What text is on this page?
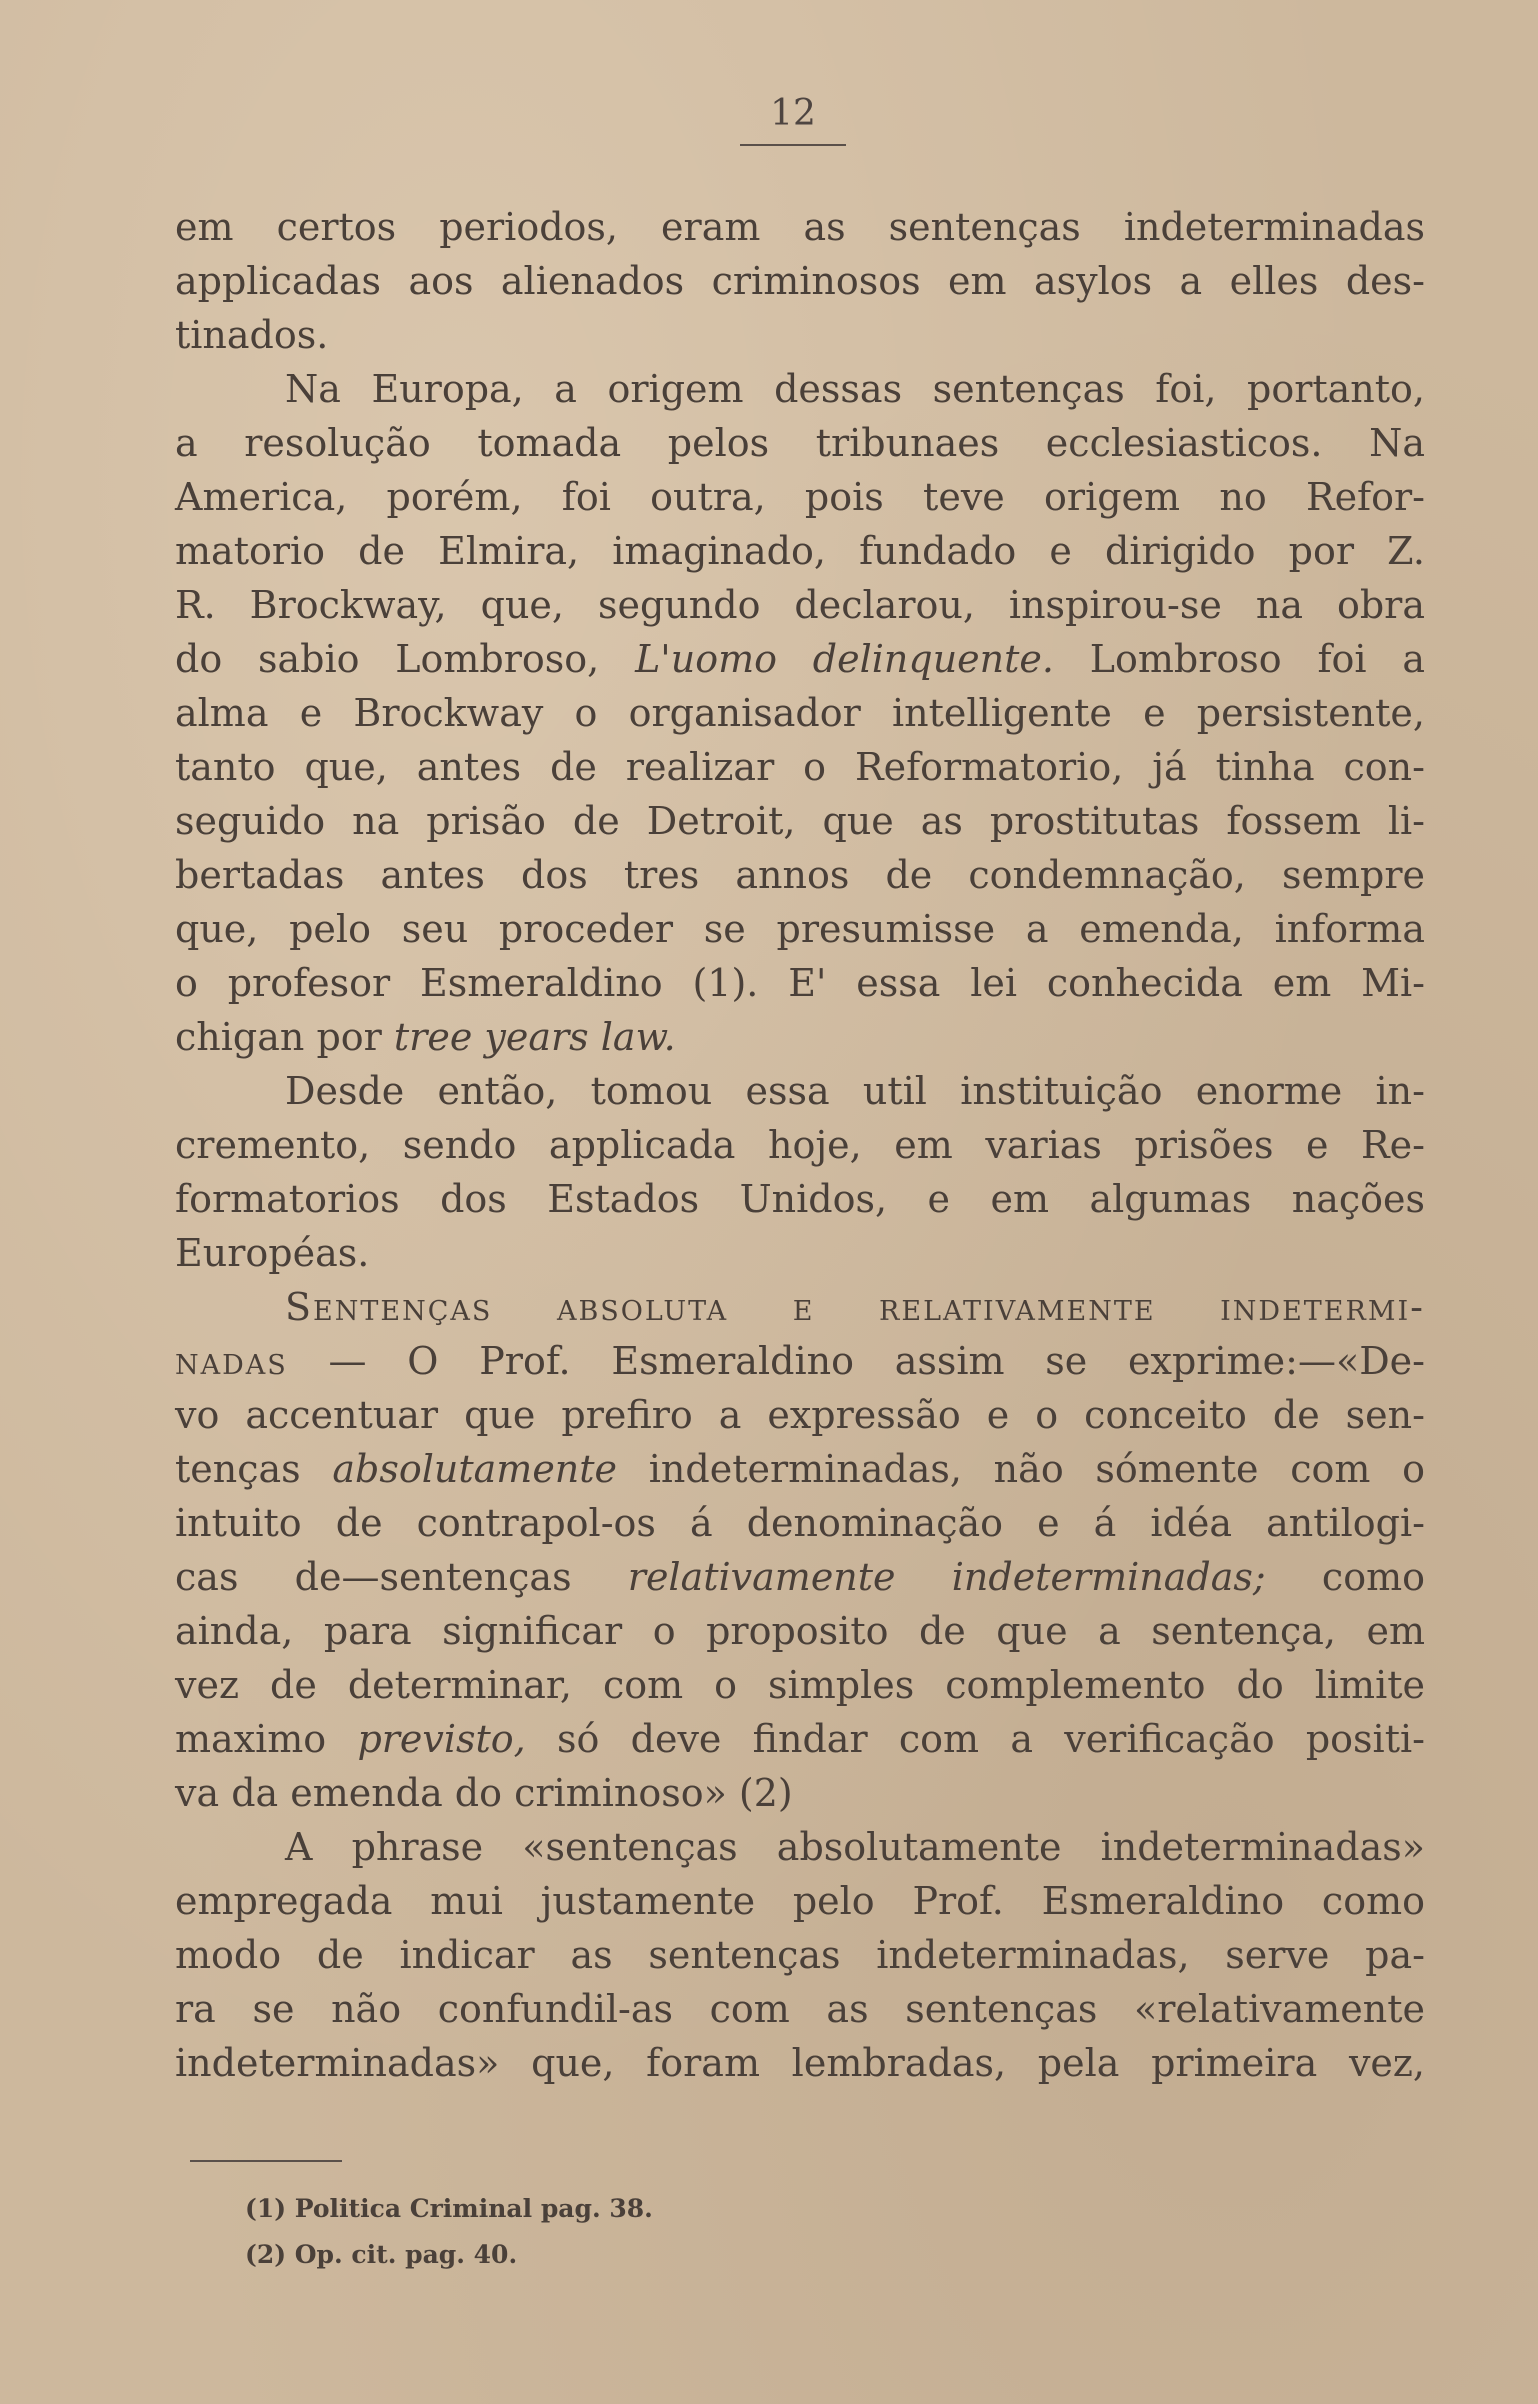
12

em certos periodos, eram as sentenças indeterminadas
applicadas aos alienados criminosos em asylos a elles des-
tinados.

Na Europa, a origem dessas sentenças foi, portanto,
a resolução tomada pelos tribunaes ecclesiasticos. Na
America, porém, foi outra, pois teve origem no Refor-
matorio de Elmira, imaginado, fundado e dirigido por Z.
R. Brockway, que, segundo declarou, inspirou-se na obra
do sabio Lombroso, L'uomo delinquente. Lombroso foi a
alma e Brockway o organisador intelligente e persistente,
tanto que, antes de realizar o Reformatorio, já tinha con-
seguido na prisão de Detroit, que as prostitutas fossem li-
bertadas antes dos tres annos de condemnação, sempre
que, pelo seu proceder se presumisse a emenda, informa
o profesor Esmeraldino (1). E' essa lei conhecida em Mi-
chigan por tree years law.

Desde então, tomou essa util instituição enorme in-
cremento, sendo applicada hoje, em varias prisões e Re-
formatorios dos Estados Unidos, e em algumas nações
Européas.

Sentenças absoluta e relativamente indetermi-
nadas — O Prof. Esmeraldino assim se exprime:—«De-
vo accentuar que prefiro a expressão e o conceito de sen-
tenças absolutamente indeterminadas, não sómente com o
intuito de contrapol-os á denominação e á idéa antilogi-
cas de—sentenças relativamente indeterminadas; como
ainda, para significar o proposito de que a sentença, em
vez de determinar, com o simples complemento do limite
maximo previsto, só deve findar com a verificação positi-
va da emenda do criminoso» (2)

A phrase «sentenças absolutamente indeterminadas»
empregada mui justamente pelo Prof. Esmeraldino como
modo de indicar as sentenças indeterminadas, serve pa-
ra se não confundil-as com as sentenças «relativamente
indeterminadas» que, foram lembradas, pela primeira vez,

(1) Politica Criminal pag. 38.
(2) Op. cit. pag. 40.
